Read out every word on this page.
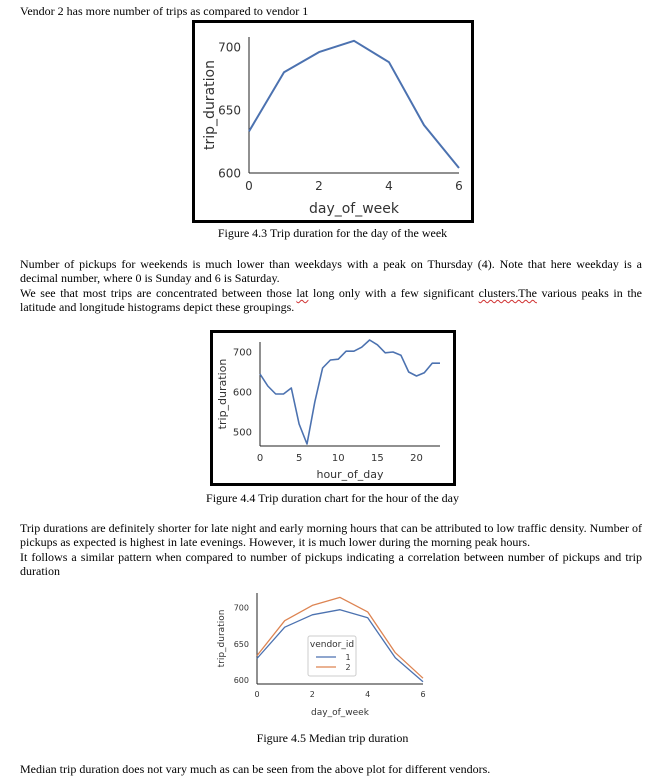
Vendor 2 has more number of trips as compared to vendor 1

600
650
700
0	2	4	6
day_of_week
trip_duration
Figure 4.3 Trip duration for the day of the week

Number of pickups for weekends is much lower than weekdays with a peak on Thursday (4). Note that here weekday is a decimal number, where 0 is Sunday and 6 is Saturday.

We see that most trips are concentrated between those lat long only with a few significant clusters.The various peaks in the latitude and longitude histograms depict these groupings.

500
600
700
0	5	10	15	20
hour_of_day
trip_duration
Figure 4.4 Trip duration chart for the hour of the day

Trip durations are definitely shorter for late night and early morning hours that can be attributed to low traffic density. Number of pickups as expected is highest in late evenings. However, it is much lower during the morning peak hours.

It follows a similar pattern when compared to number of pickups indicating a correlation between number of pickups and trip duration

600
650
700
0	2	4	6
day_of_week
trip_duration	vendor_id
1
2
Figure 4.5 Median trip duration

Median trip duration does not vary much as can be seen from the above plot for different vendors.
